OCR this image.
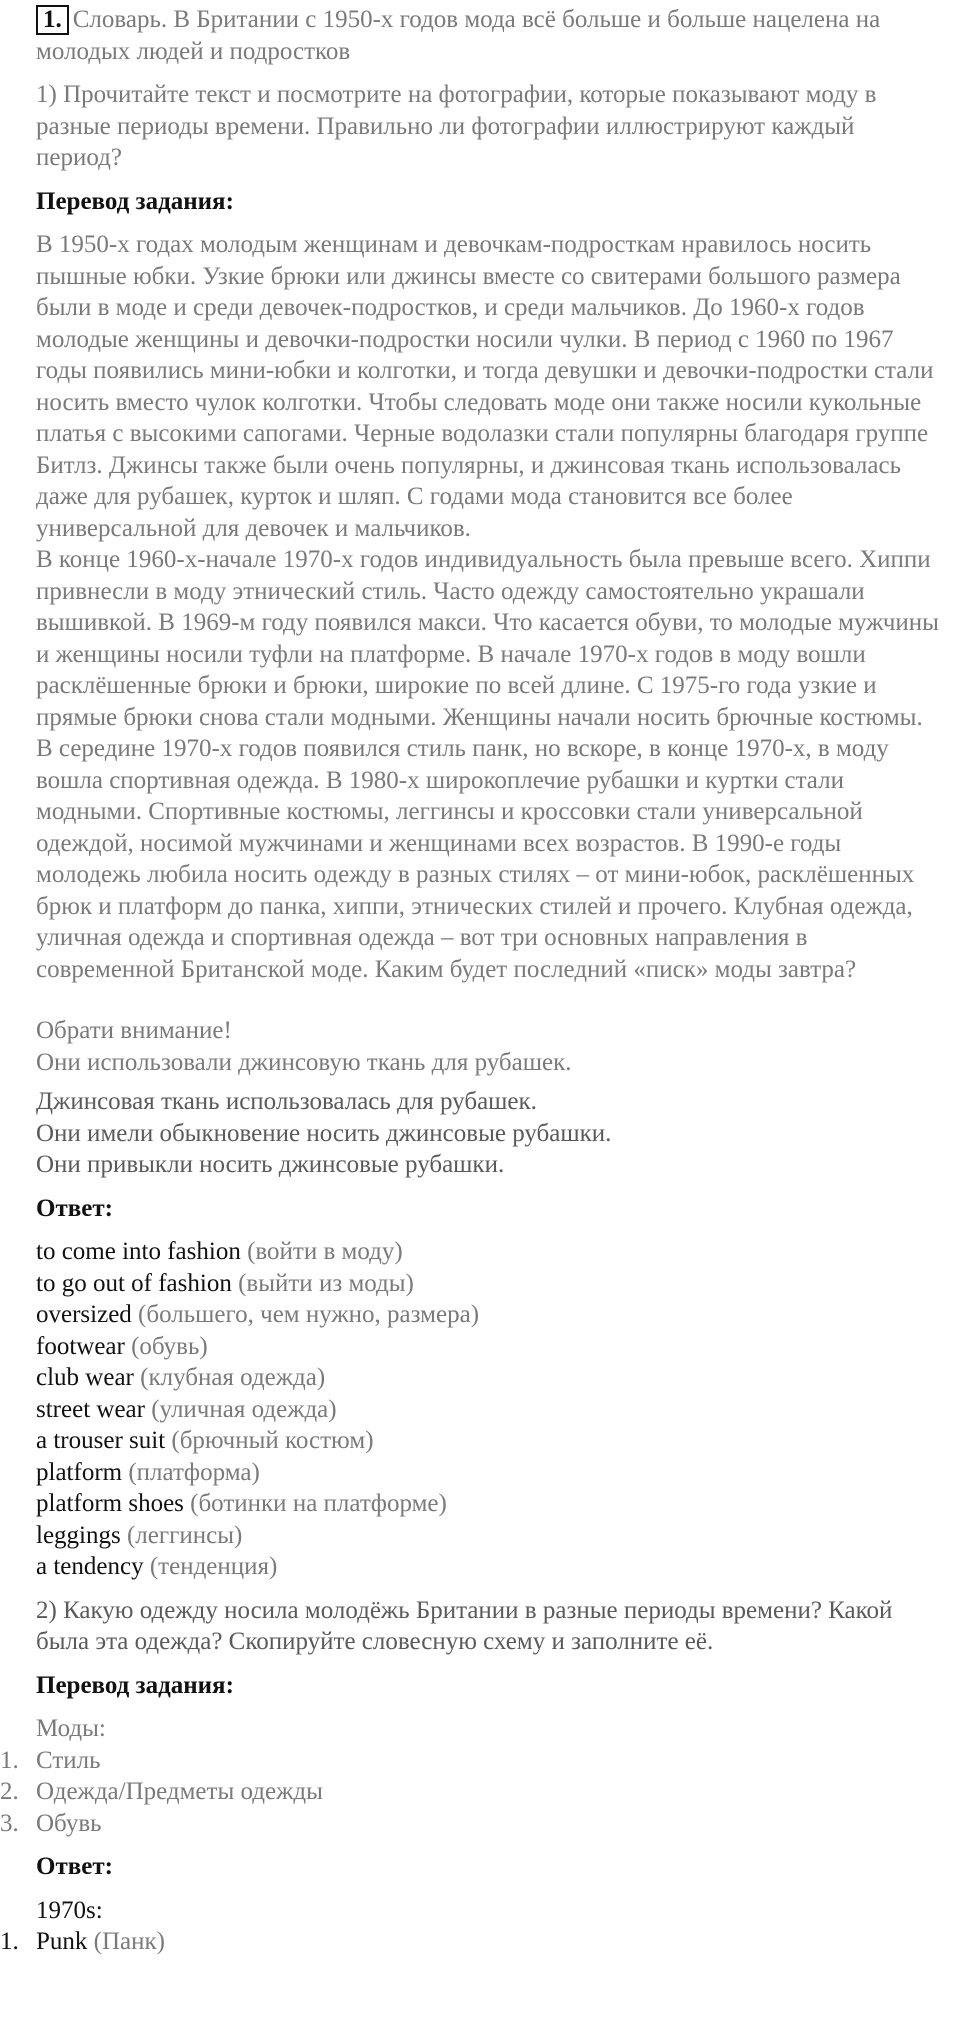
1. Словарь. В Британии с 1950-х годов мода всё больше и больше нацелена на молодых людей и подростков
1) Прочитайте текст и посмотрите на фотографии, которые показывают моду в разные периоды времени. Правильно ли фотографии иллюстрируют каждый период?
Перевод задания:
В 1950-х годах молодым женщинам и девочкам-подросткам нравилось носить пышные юбки. Узкие брюки или джинсы вместе со свитерами большого размера были в моде и среди девочек-подростков, и среди мальчиков. До 1960-х годов молодые женщины и девочки-подростки носили чулки. В период с 1960 по 1967 годы появились мини-юбки и колготки, и тогда девушки и девочки-подростки стали носить вместо чулок колготки. Чтобы следовать моде они также носили кукольные платья с высокими сапогами. Черные водолазки стали популярны благодаря группе Битлз. Джинсы также были очень популярны, и джинсовая ткань использовалась даже для рубашек, курток и шляп. С годами мода становится все более универсальной для девочек и мальчиков.
В конце 1960-х-начале 1970-х годов индивидуальность была превыше всего. Хиппи привнесли в моду этнический стиль. Часто одежду самостоятельно украшали вышивкой. В 1969-м году появился макси. Что касается обуви, то молодые мужчины и женщины носили туфли на платформе. В начале 1970-х годов в моду вошли расклёшенные брюки и брюки, широкие по всей длине. С 1975-го года узкие и прямые брюки снова стали модными. Женщины начали носить брючные костюмы. В середине 1970-х годов появился стиль панк, но вскоре, в конце 1970-х, в моду вошла спортивная одежда. В 1980-х широкоплечие рубашки и куртки стали модными. Спортивные костюмы, леггинсы и кроссовки стали универсальной одеждой, носимой мужчинами и женщинами всех возрастов. В 1990-е годы молодежь любила носить одежду в разных стилях – от мини-юбок, расклёшенных брюк и платформ до панка, хиппи, этнических стилей и прочего. Клубная одежда, уличная одежда и спортивная одежда – вот три основных направления в современной Британской моде. Каким будет последний «писк» моды завтра?
Обрати внимание!
Они использовали джинсовую ткань для рубашек.
Джинсовая ткань использовалась для рубашек.
Они имели обыкновение носить джинсовые рубашки.
Они привыкли носить джинсовые рубашки.
Ответ:
to come into fashion (войти в моду)
to go out of fashion (выйти из моды)
oversized (большего, чем нужно, размера)
footwear (обувь)
club wear (клубная одежда)
street wear (уличная одежда)
a trouser suit (брючный костюм)
platform (платформа)
platform shoes (ботинки на платформе)
leggings (леггинсы)
a tendency (тенденция)
2) Какую одежду носила молодёжь Британии в разные периоды времени? Какой была эта одежда? Скопируйте словесную схему и заполните её.
Перевод задания:
Моды:
1. Стиль
2. Одежда/Предметы одежды
3. Обувь
Ответ:
1970s:
1. Punk (Панк)
